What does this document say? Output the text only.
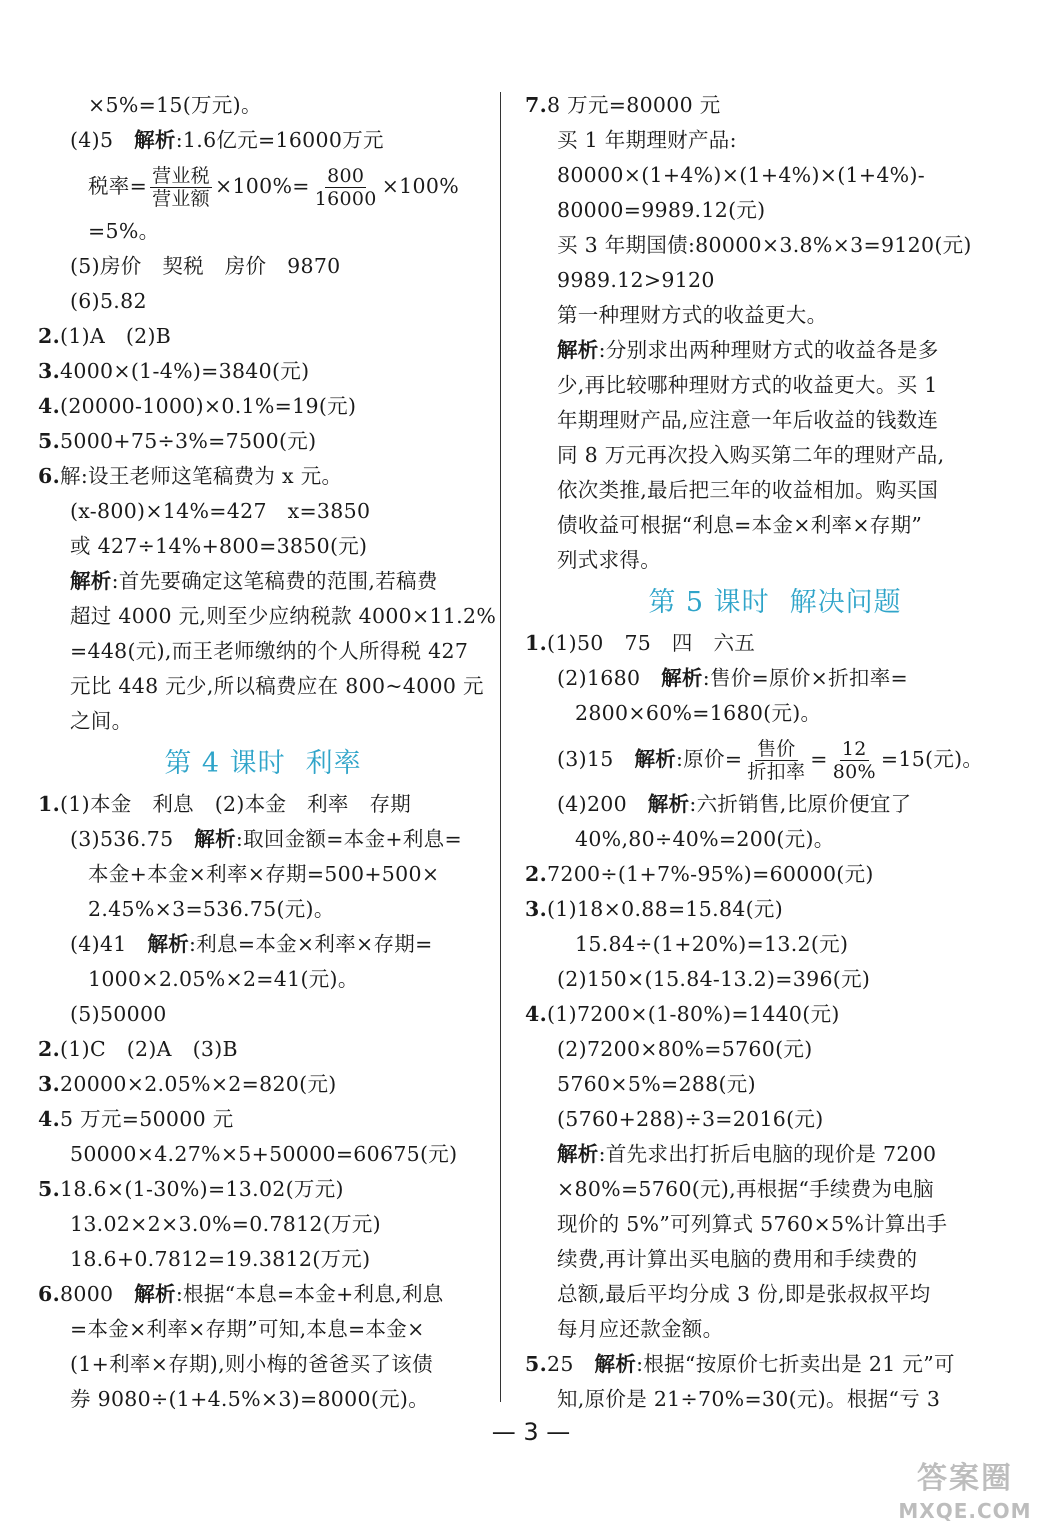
×5%=15(万元)。
(4)5　 解析:1.6亿元=16000万元
税率= $\frac{\text{营业税}}{\text{营业额}} \times 100\%= \frac{800}{16000} \times 100\%$
=5%。
(5)房价　契税　房价　9870
(6)5.82
2.(1)A　(2)B
3.4000×(1-4%)=3840(元)
4.(20000-1000)×0.1%=19(元)
5.5000+75÷3%=7500(元)
6.解:设王老师这笔稿费为 x 元。
(x-800)×14%=427　x=3850
或 427÷14%+800=3850(元)
解析:首先要确定这笔稿费的范围,若稿费
超过 4000 元,则至少应纳税款 4000×11.2%
=448(元),而王老师缴纳的个人所得税 427
元比 448 元少,所以稿费应在 800~4000 元
之间。
第 4 课时 利率
1.(1)本金　利息　(2)本金　利率　存期
(3)536.75　 解析:取回金额=本金+利息=
本金+本金×利率×存期=500+500×
2.45%×3=536.75(元)。
(4)41　 解析:利息=本金×利率×存期=
1000×2.05%×2=41(元)。
(5)50000
2.(1)C　(2)A　(3)B
3.20000×2.05%×2=820(元)
4.5 万元=50000 元
50000×4.27%×5+50000=60675(元)
5.18.6×(1-30%)=13.02(万元)
13.02×2×3.0%=0.7812(万元)
18.6+0.7812=19.3812(万元)
6.8000　 解析:根据“本息=本金+利息,利息
=本金×利率×存期”可知,本息=本金×
(1+利率×存期),则小梅的爸爸买了该债
券 9080÷(1+4.5%×3)=8000(元)。
7.8 万元=80000 元
买 1 年期理财产品:
80000×(1+4%)×(1+4%)×(1+4%)-
80000=9989.12(元)
买 3 年期国债:80000×3.8%×3=9120(元)
9989.12>9120
第一种理财方式的收益更大。
解析:分别求出两种理财方式的收益各是多
少,再比较哪种理财方式的收益更大。买 1
年期理财产品,应注意一年后收益的钱数连
同 8 万元再次投入购买第二年的理财产品,
依次类推,最后把三年的收益相加。购买国
债收益可根据“利息=本金×利率×存期”
列式求得。
第 5 课时 解决问题
1.(1)50　75　四　六五
(2)1680　 解析:售价=原价×折扣率=
2800×60%=1680(元)。
(3)15　 解析:原价= $\frac{\text{售价}}{\text{折扣率}} = \frac{12}{80\%} =15$(元)。
(4)200　 解析:六折销售,比原价便宜了
40%,80÷40%=200(元)。
2.7200÷(1+7%-95%)=60000(元)
3.(1)18×0.88=15.84(元)
15.84÷(1+20%)=13.2(元)
(2)150×(15.84-13.2)=396(元)
4.(1)7200×(1-80%)=1440(元)
(2)7200×80%=5760(元)
5760×5%=288(元)
(5760+288)÷3=2016(元)
解析:首先求出打折后电脑的现价是 7200
×80%=5760(元),再根据“手续费为电脑
现价的 5%”可列算式 5760×5%计算出手
续费,再计算出买电脑的费用和手续费的
总额,最后平均分成 3 份,即是张叔叔平均
每月应还款金额。
5.25　 解析:根据“按原价七折卖出是 21 元”可
知,原价是 21÷70%=30(元)。根据“亏 3
— 3 —
答案圈
MXQE.COM
